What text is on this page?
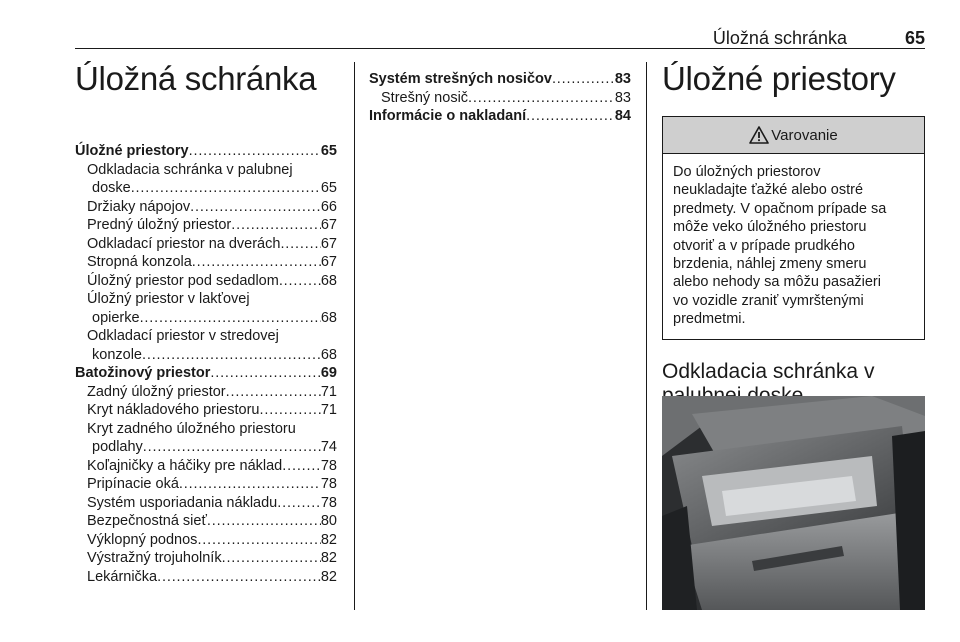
Úložná schránka	65
Úložná schránka
Úložné priestory . . .	65
Odkladacia schránka v palubnej
doske . . .	65
Držiaky nápojov . . .	66
Predný úložný priestor . . .	67
Odkladací priestor na dverách . . .	67
Stropná konzola . . .	67
Úložný priestor pod sedadlom . . .	68
Úložný priestor v lakťovej
opierke . . .	68
Odkladací priestor v stredovej
konzole . . .	68
Batožinový priestor . . .	69
Zadný úložný priestor . . .	71
Kryt nákladového priestoru . . .	71
Kryt zadného úložného priestoru
podlahy . . .	74
Koľajničky a háčiky pre náklad . . .	78
Pripínacie oká . . .	78
Systém usporiadania nákladu . . .	78
Bezpečnostná sieť . . .	80
Výklopný podnos . . .	82
Výstražný trojuholník . . .	82
Lekárnička . . .	82
Systém strešných nosičov . . .	83
Strešný nosič . . .	83
Informácie o nakladaní . . .	84
Úložné priestory
Varovanie
Do úložných priestorov
neukladajte ťažké alebo ostré
predmety. V opačnom prípade sa
môže veko úložného priestoru
otvoriť a v prípade prudkého
brzdenia, náhlej zmeny smeru
alebo nehody sa môžu pasažieri
vo vozidle zraniť vymrštenými
predmetmi.
Odkladacia schránka v
